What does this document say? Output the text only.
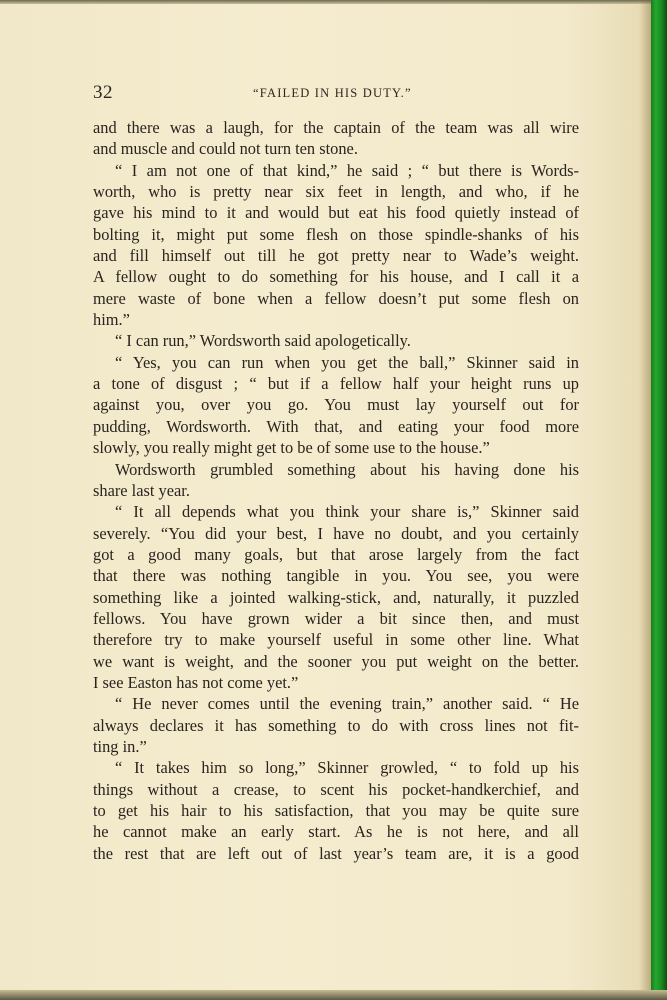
32	“FAILED IN HIS DUTY.”
and there was a laugh, for the captain of the team was all wire
and muscle and could not turn ten stone.
“ I am not one of that kind,” he said ; “ but there is Words-
worth, who is pretty near six feet in length, and who, if he
gave his mind to it and would but eat his food quietly instead of
bolting it, might put some flesh on those spindle-shanks of his
and fill himself out till he got pretty near to Wade’s weight.
A fellow ought to do something for his house, and I call it a
mere waste of bone when a fellow doesn’t put some flesh on
him.”
“ I can run,” Wordsworth said apologetically.
“ Yes, you can run when you get the ball,” Skinner said in
a tone of disgust ; “ but if a fellow half your height runs up
against you, over you go. You must lay yourself out for
pudding, Wordsworth. With that, and eating your food more
slowly, you really might get to be of some use to the house.”
Wordsworth grumbled something about his having done his
share last year.
“ It all depends what you think your share is,” Skinner said
severely. “You did your best, I have no doubt, and you certainly
got a good many goals, but that arose largely from the fact
that there was nothing tangible in you. You see, you were
something like a jointed walking-stick, and, naturally, it puzzled
fellows. You have grown wider a bit since then, and must
therefore try to make yourself useful in some other line. What
we want is weight, and the sooner you put weight on the better.
I see Easton has not come yet.”
“ He never comes until the evening train,” another said. “ He
always declares it has something to do with cross lines not fit-
ting in.”
“ It takes him so long,” Skinner growled, “ to fold up his
things without a crease, to scent his pocket-handkerchief, and
to get his hair to his satisfaction, that you may be quite sure
he cannot make an early start. As he is not here, and all
the rest that are left out of last year’s team are, it is a good
